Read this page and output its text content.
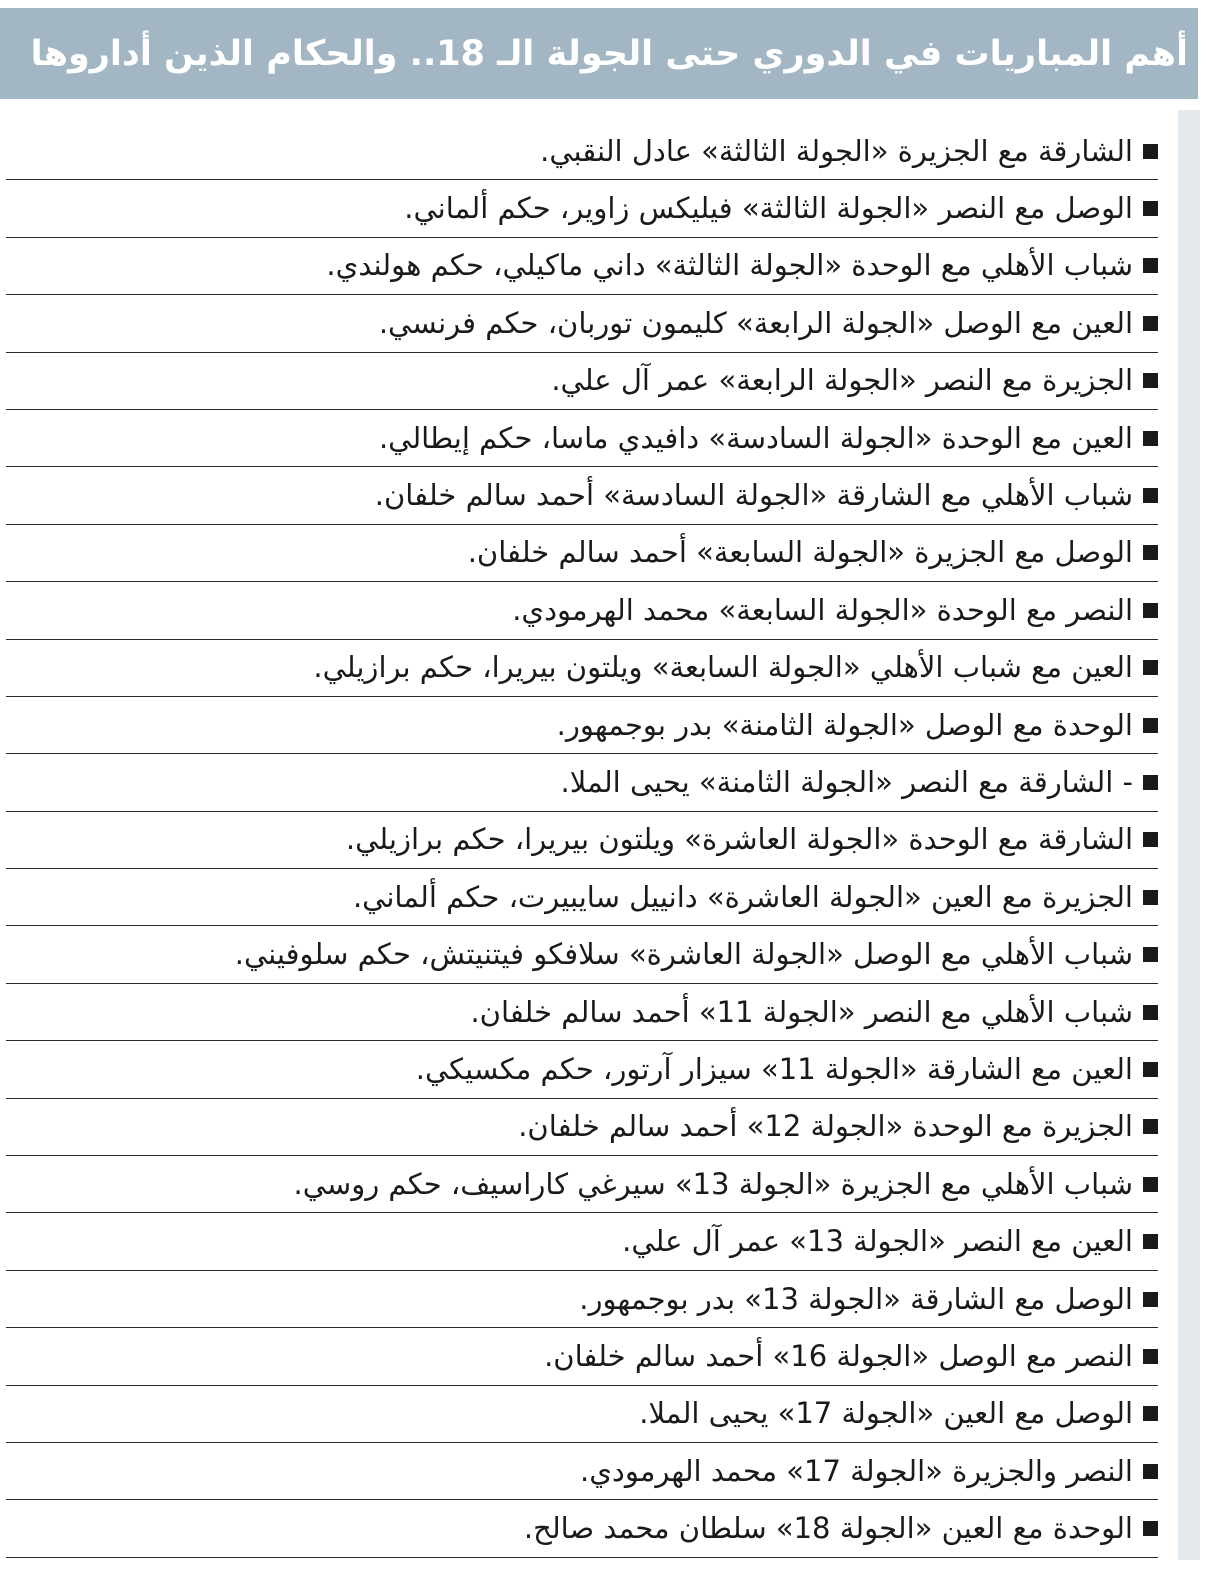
أهم المباريات في الدوري حتى الجولة الـ 18.. والحكام الذين أداروها
الشارقة مع الجزيرة «الجولة الثالثة» عادل النقبي.
الوصل مع النصر «الجولة الثالثة» فيليكس زاوير، حكم ألماني.
شباب الأهلي مع الوحدة «الجولة الثالثة» داني ماكيلي، حكم هولندي.
العين مع الوصل «الجولة الرابعة» كليمون توربان، حكم فرنسي.
الجزيرة مع النصر «الجولة الرابعة» عمر آل علي.
العين مع الوحدة «الجولة السادسة» دافيدي ماسا، حكم إيطالي.
شباب الأهلي مع الشارقة «الجولة السادسة» أحمد سالم خلفان.
الوصل مع الجزيرة «الجولة السابعة» أحمد سالم خلفان.
النصر مع الوحدة «الجولة السابعة» محمد الهرمودي.
العين مع شباب الأهلي «الجولة السابعة» ويلتون بيريرا، حكم برازيلي.
الوحدة مع الوصل «الجولة الثامنة» بدر بوجمهور.
- الشارقة مع النصر «الجولة الثامنة» يحيى الملا.
الشارقة مع الوحدة «الجولة العاشرة» ويلتون بيريرا، حكم برازيلي.
الجزيرة مع العين «الجولة العاشرة» دانييل سايبيرت، حكم ألماني.
شباب الأهلي مع الوصل «الجولة العاشرة» سلافكو فيتنيتش، حكم سلوفيني.
شباب الأهلي مع النصر «الجولة 11» أحمد سالم خلفان.
العين مع الشارقة «الجولة 11» سيزار آرتور، حكم مكسيكي.
الجزيرة مع الوحدة «الجولة 12» أحمد سالم خلفان.
شباب الأهلي مع الجزيرة «الجولة 13» سيرغي كاراسيف، حكم روسي.
العين مع النصر «الجولة 13» عمر آل علي.
الوصل مع الشارقة «الجولة 13» بدر بوجمهور.
النصر مع الوصل «الجولة 16» أحمد سالم خلفان.
الوصل مع العين «الجولة 17» يحيى الملا.
النصر والجزيرة «الجولة 17» محمد الهرمودي.
الوحدة مع العين «الجولة 18» سلطان محمد صالح.
